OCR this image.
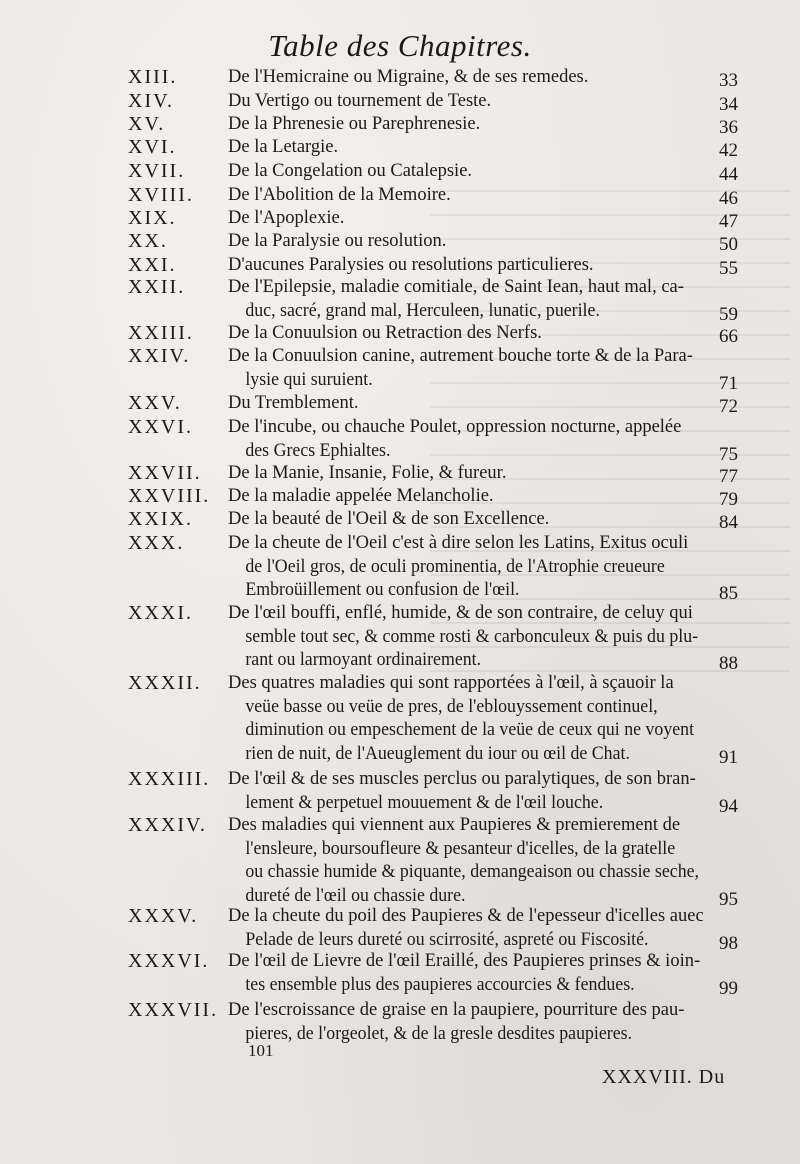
Table des Chapitres.
XIII.	De l'Hemicraine ou Migraine, & de ses remedes.	33
XIV.	Du Vertigo ou tournement de Teste.	34
XV.	De la Phrenesie ou Parephrenesie.	36
XVI.	De la Letargie.	42
XVII. De la Congelation ou Catalepsie.	44
XVIII. De l'Abolition de la Memoire.	46
XIX.	De l'Apoplexie.	47
XX.	De la Paralysie ou resolution.	50
XXI.	D'aucunes Paralysies ou resolutions particulieres.	55
XXII. De l'Epilepsie, maladie comitiale, de Saint Iean, haut mal, ca-
duc, sacré, grand mal, Herculeen, lunatic, puerile.	59
XXIII. De la Conuulsion ou Retraction des Nerfs.	66
XXIV. De la Conuulsion canine, autrement bouche torte & de la Para-
lysie qui suruient.	71
XXV. Du Tremblement.	72
XXVI. De l'incube, ou chauche Poulet, oppression nocturne, appelée
des Grecs Ephialtes.	75
XXVII. De la Manie, Insanie, Folie, & fureur.	77
XXVIII. De la maladie appelée Melancholie.	79
XXIX. De la beauté de l'Oeil & de son Excellence.	84
XXX. De la cheute de l'Oeil c'est à dire selon les Latins, Exitus oculi
de l'Oeil gros, de oculi prominentia, de l'Atrophie creueure
Embroüillement ou confusion de l'œil.	85
XXXI. De l'œil bouffi, enflé, humide, & de son contraire, de celuy qui
semble tout sec, & comme rosti & carbonculeux & puis du plu-
rant ou larmoyant ordinairement.	88
XXXII. Des quatres maladies qui sont rapportées à l'œil, à sçauoir la
veüe basse ou veüe de pres, de l'eblouyssement continuel,
diminution ou empeschement de la veüe de ceux qui ne voyent
rien de nuit, de l'Aueuglement du iour ou œil de Chat.	91
XXXIII. De l'œil & de ses muscles perclus ou paralytiques, de son bran-
lement & perpetuel mouuement & de l'œil louche.	94
XXXIV. Des maladies qui viennent aux Paupieres & premierement de
l'ensleure, boursoufleure & pesanteur d'icelles, de la gratelle
ou chassie humide & piquante, demangeaison ou chassie seche,
dureté de l'œil ou chassie dure.	95
XXXV. De la cheute du poil des Paupieres & de l'epesseur d'icelles auec
Pelade de leurs dureté ou scirrosité, aspreté ou Fiscosité.	98
XXXVI. De l'œil de Lievre de l'œil Eraillé, des Paupieres prinses & ioin-
tes ensemble plus des paupieres accourcies & fendues.	99
XXXVII. De l'escroissance de graise en la paupiere, pourriture des pau-
pieres, de l'orgeolet, & de la gresle desdites paupieres.
101
XXXVIII. Du
